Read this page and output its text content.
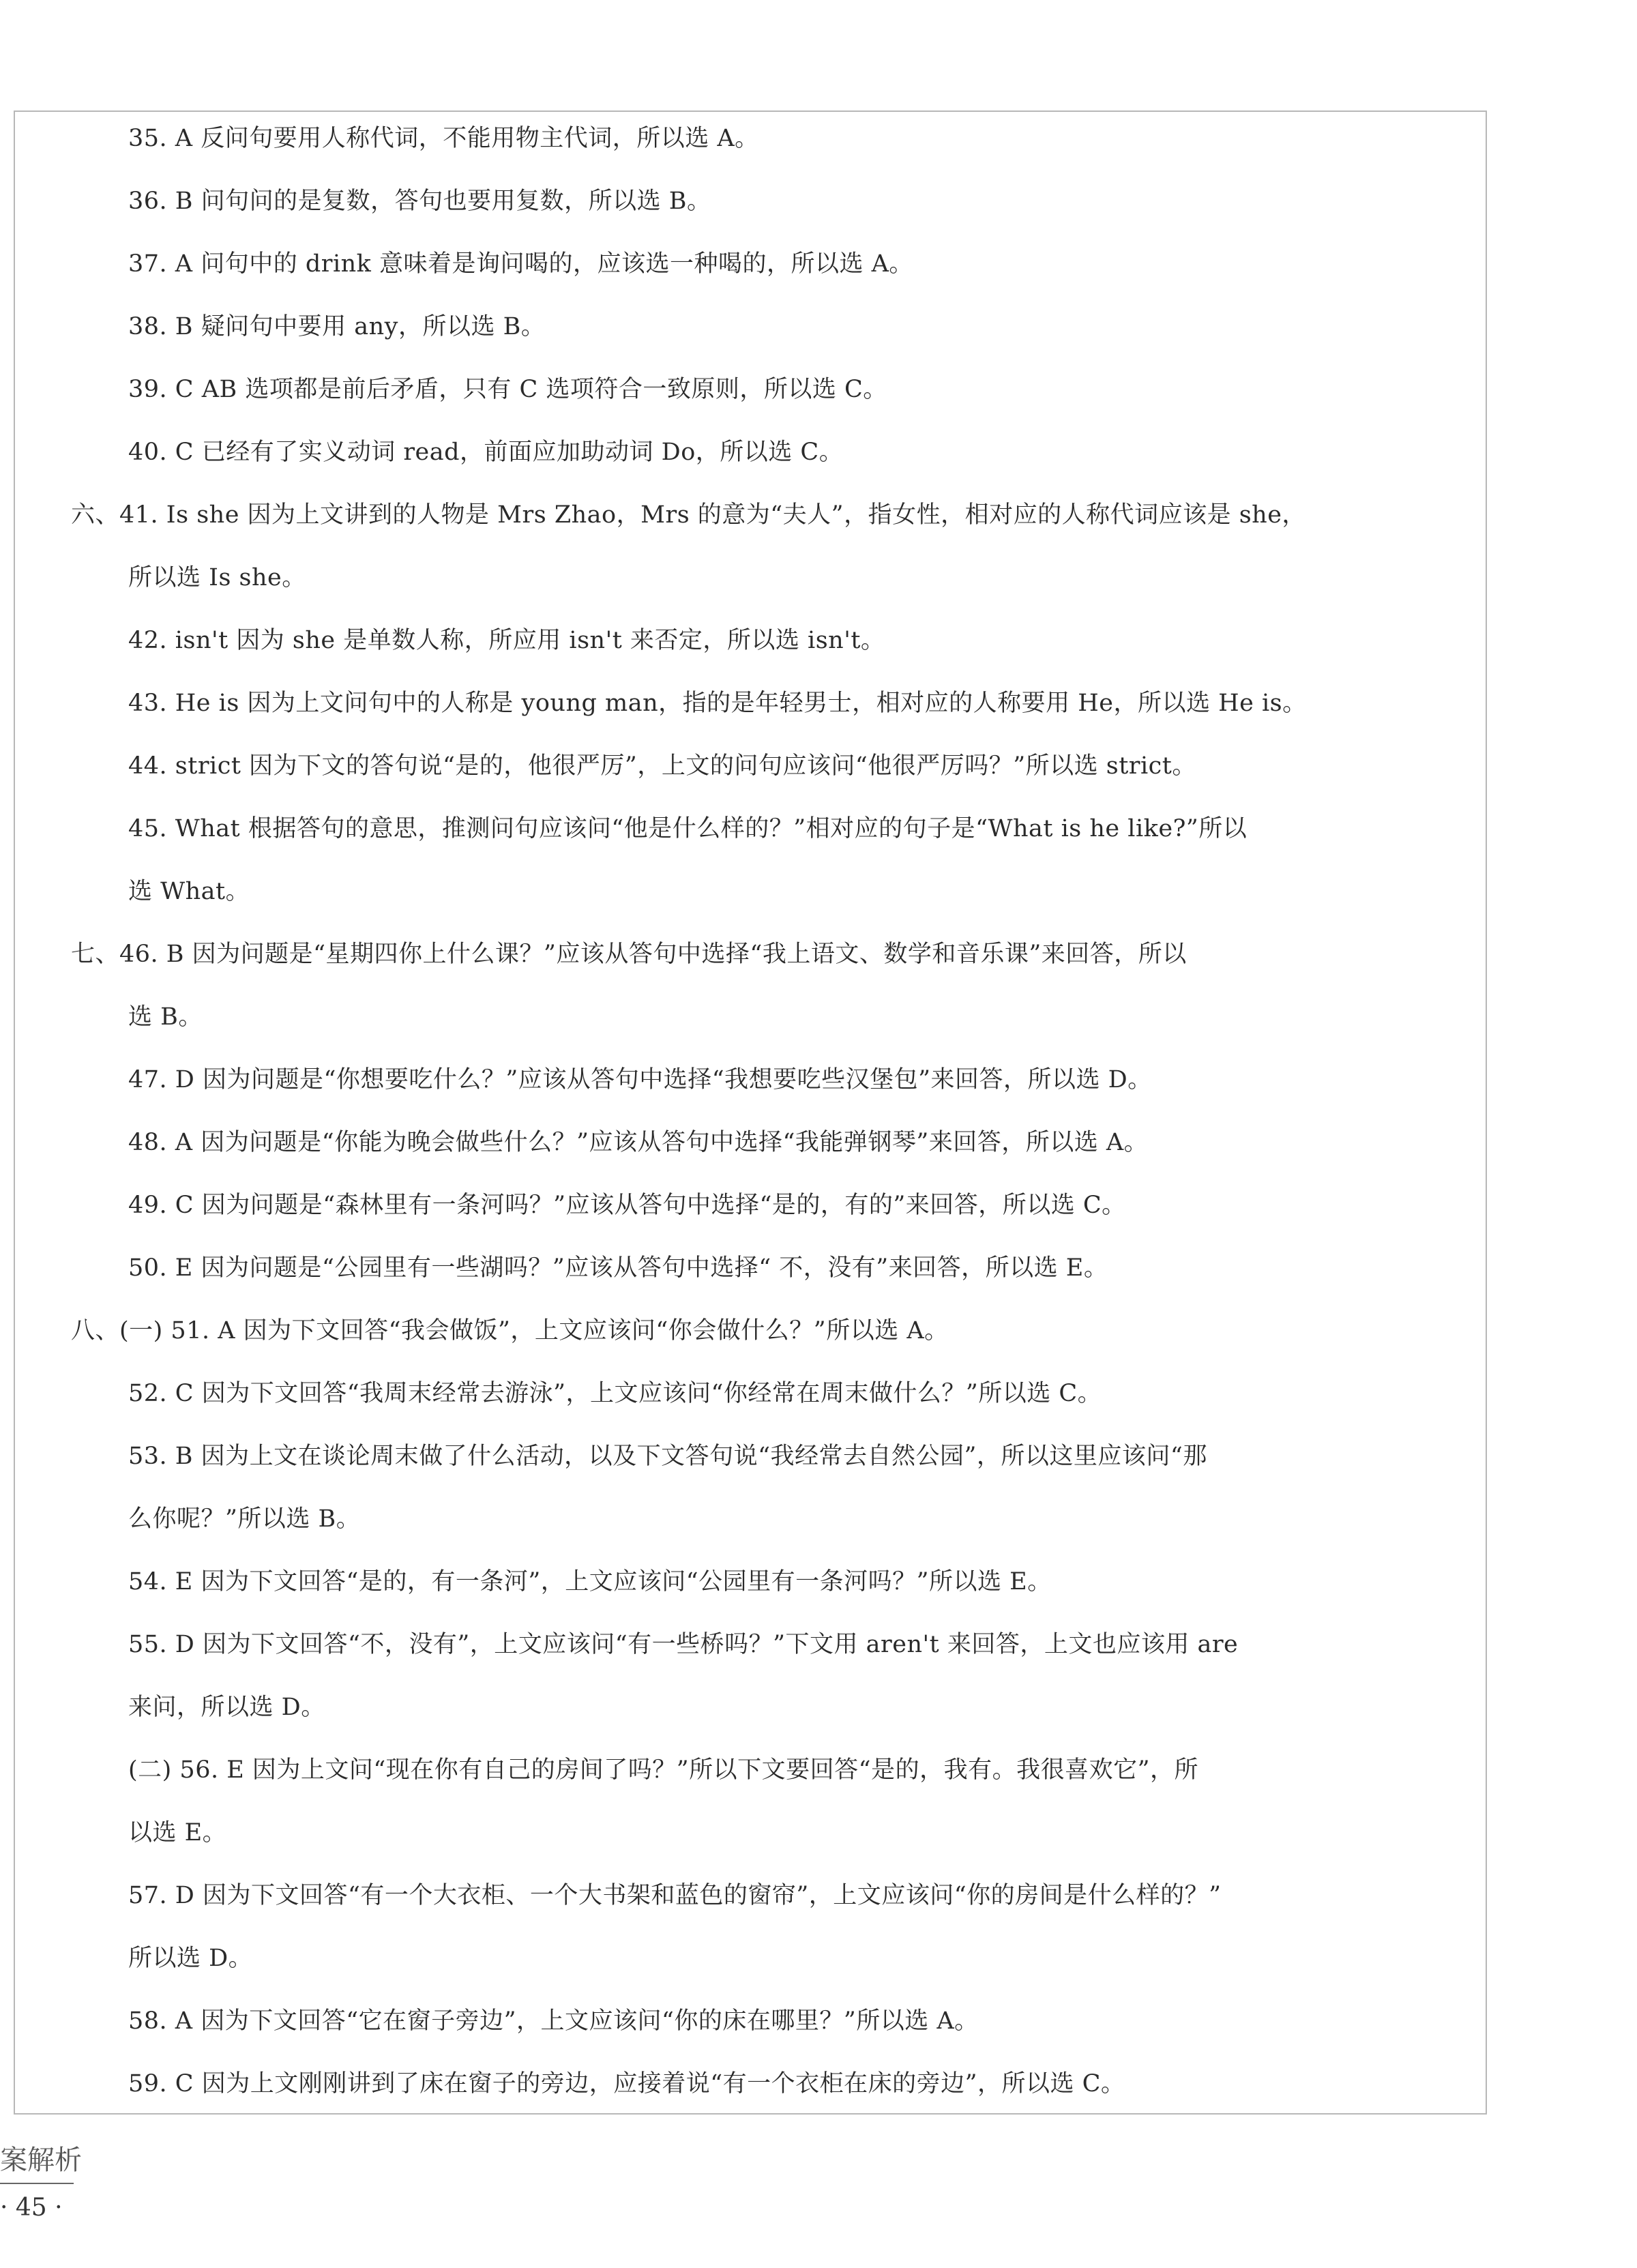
35. A 反问句要用人称代词，不能用物主代词，所以选 A。
36. B 问句问的是复数，答句也要用复数，所以选 B。
37. A 问句中的 drink 意味着是询问喝的，应该选一种喝的，所以选 A。
38. B 疑问句中要用 any，所以选 B。
39. C AB 选项都是前后矛盾，只有 C 选项符合一致原则，所以选 C。
40. C 已经有了实义动词 read，前面应加助动词 Do，所以选 C。
六、41. Is she 因为上文讲到的人物是 Mrs Zhao，Mrs 的意为“夫人”，指女性，相对应的人称代词应该是 she，
所以选 Is she。
42. isn't 因为 she 是单数人称，所应用 isn't 来否定，所以选 isn't。
43. He is 因为上文问句中的人称是 young man，指的是年轻男士，相对应的人称要用 He，所以选 He is。
44. strict 因为下文的答句说“是的，他很严厉”，上文的问句应该问“他很严厉吗？”所以选 strict。
45. What 根据答句的意思，推测问句应该问“他是什么样的？”相对应的句子是“What is he like?”所以
选 What。
七、46. B 因为问题是“星期四你上什么课？”应该从答句中选择“我上语文、数学和音乐课”来回答，所以
选 B。
47. D 因为问题是“你想要吃什么？”应该从答句中选择“我想要吃些汉堡包”来回答，所以选 D。
48. A 因为问题是“你能为晚会做些什么？”应该从答句中选择“我能弹钢琴”来回答，所以选 A。
49. C 因为问题是“森林里有一条河吗？”应该从答句中选择“是的，有的”来回答，所以选 C。
50. E 因为问题是“公园里有一些湖吗？”应该从答句中选择“ 不，没有”来回答，所以选 E。
八、(一) 51. A 因为下文回答“我会做饭”，上文应该问“你会做什么？”所以选 A。
52. C 因为下文回答“我周末经常去游泳”，上文应该问“你经常在周末做什么？”所以选 C。
53. B 因为上文在谈论周末做了什么活动，以及下文答句说“我经常去自然公园”，所以这里应该问“那
么你呢？”所以选 B。
54. E 因为下文回答“是的，有一条河”，上文应该问“公园里有一条河吗？”所以选 E。
55. D 因为下文回答“不，没有”，上文应该问“有一些桥吗？”下文用 aren't 来回答，上文也应该用 are
来问，所以选 D。
(二) 56. E 因为上文问“现在你有自己的房间了吗？”所以下文要回答“是的，我有。我很喜欢它”，所
以选 E。
57. D 因为下文回答“有一个大衣柜、一个大书架和蓝色的窗帘”，上文应该问“你的房间是什么样的？”
所以选 D。
58. A 因为下文回答“它在窗子旁边”，上文应该问“你的床在哪里？”所以选 A。
59. C 因为上文刚刚讲到了床在窗子的旁边，应接着说“有一个衣柜在床的旁边”，所以选 C。
案解析
· 45 ·
